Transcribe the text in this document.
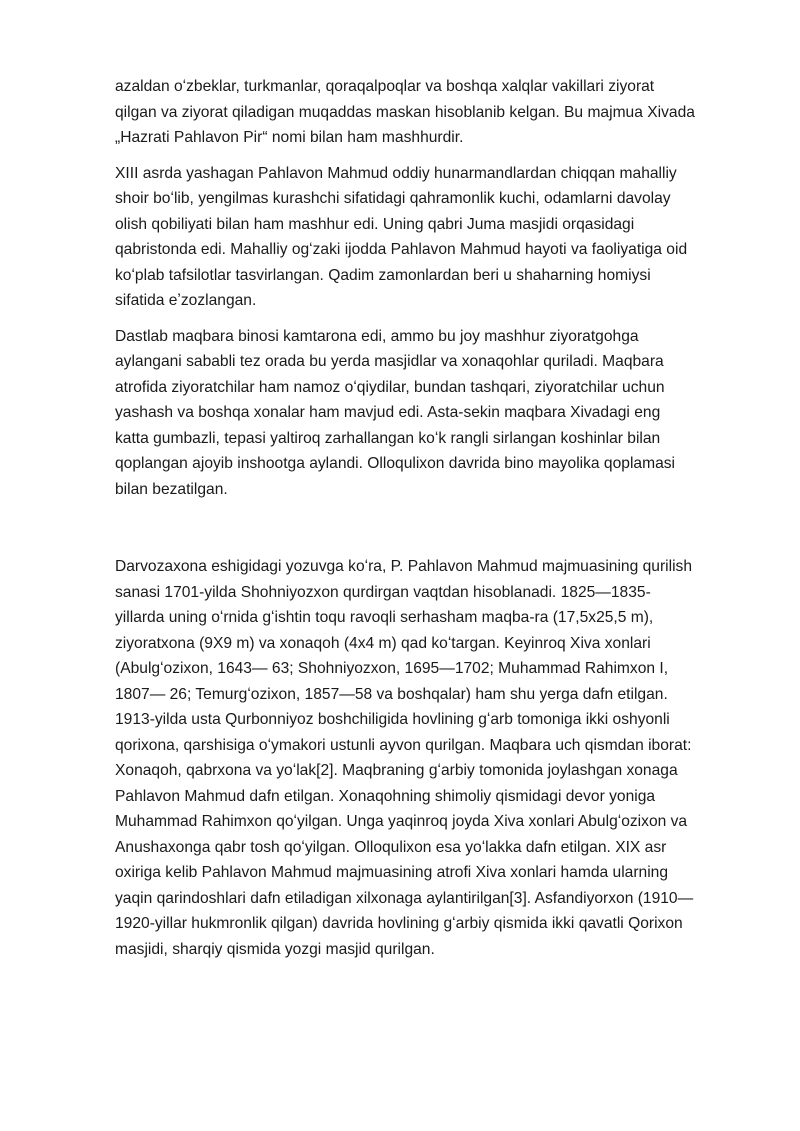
azaldan oʻzbeklar, turkmanlar, qoraqalpoqlar va boshqa xalqlar vakillari ziyorat qilgan va ziyorat qiladigan muqaddas maskan hisoblanib kelgan. Bu majmua Xivada „Hazrati Pahlavon Pir“ nomi bilan ham mashhurdir.

XIII asrda yashagan Pahlavon Mahmud oddiy hunarmandlardan chiqqan mahalliy shoir boʻlib, yengilmas kurashchi sifatidagi qahramonlik kuchi, odamlarni davolay olish qobiliyati bilan ham mashhur edi. Uning qabri Juma masjidi orqasidagi qabristonda edi. Mahalliy ogʻzaki ijodda Pahlavon Mahmud hayoti va faoliyatiga oid koʻplab tafsilotlar tasvirlangan. Qadim zamonlardan beri u shaharning homiysi sifatida eʼzozlangan.

Dastlab maqbara binosi kamtarona edi, ammo bu joy mashhur ziyoratgohga aylangani sababli tez orada bu yerda masjidlar va xonaqohlar quriladi. Maqbara atrofida ziyoratchilar ham namoz oʻqiydilar, bundan tashqari, ziyoratchilar uchun yashash va boshqa xonalar ham mavjud edi. Asta-sekin maqbara Xivadagi eng katta gumbazli, tepasi yaltiroq zarhallangan koʻk rangli sirlangan koshinlar bilan qoplangan ajoyib inshootga aylandi. Olloqulixon davrida bino mayolika qoplamasi bilan bezatilgan.

Darvozaxona eshigidagi yozuvga koʻra, P. Pahlavon Mahmud majmuasining qurilish sanasi 1701-yilda Shohniyozxon qurdirgan vaqtdan hisoblanadi. 1825—1835-yillarda uning oʻrnida gʻishtin toqu ravoqli serhasham maqba-ra (17,5x25,5 m), ziyoratxona (9X9 m) va xonaqoh (4x4 m) qad koʻtargan. Keyinroq Xiva xonlari (Abulgʻozixon, 1643— 63; Shohniyozxon, 1695—1702; Muhammad Rahimxon I, 1807— 26; Temurgʻozixon, 1857—58 va boshqalar) ham shu yerga dafn etilgan. 1913-yilda usta Qurbonniyoz boshchiligida hovlining gʻarb tomoniga ikki oshyonli qorixona, qarshisiga oʻymakori ustunli ayvon qurilgan. Maqbara uch qismdan iborat: Xonaqoh, qabrxona va yoʻlak[2]. Maqbraning gʻarbiy tomonida joylashgan xonaga Pahlavon Mahmud dafn etilgan. Xonaqohning shimoliy qismidagi devor yoniga Muhammad Rahimxon qoʻyilgan. Unga yaqinroq joyda Xiva xonlari Abulgʻozixon va Anushaxonga qabr tosh qoʻyilgan. Olloqulixon esa yoʻlakka dafn etilgan. XIX asr oxiriga kelib Pahlavon Mahmud majmuasining atrofi Xiva xonlari hamda ularning yaqin qarindoshlari dafn etiladigan xilxonaga aylantirilgan[3]. Asfandiyorxon (1910—1920-yillar hukmronlik qilgan) davrida hovlining gʻarbiy qismida ikki qavatli Qorixon masjidi, sharqiy qismida yozgi masjid qurilgan.
